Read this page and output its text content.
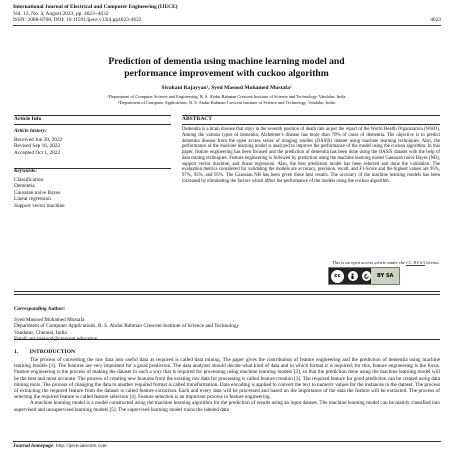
International Journal of Electrical and Computer Engineering (IJECE)
Vol. 13, No. 4, August 2023, pp. 4623~4632
ISSN: 2088-8708, DOI: 10.11591/ijece.v13i4.pp4623-4632	4623
Prediction of dementia using machine learning model and
performance improvement with cuckoo algorithm
Sivakani Rajayyan¹, Syed Masood Mohamed Mustafa²
¹Department of Computer Science and Engineering, B. S. Abdur Rahman Crescent Institute of Science and Technology, Vandalur, India
²Department of Computer Applications, B. S. Abdur Rahman Crescent Institute of Science and Technology, Vandalur, India
Article Info	ABSTRACT
Article history:
Received Jun 30, 2022
Revised Sep 16, 2022
Accepted Oct 1, 2022
Keywords:
Classification
Dementia
Gaussian naïve Bayes
Linear regression
Support vector machine
Dementia is a brain disease that stays in the seventh position of death rate as per the report of the World Health Organization (WHO). Among the various types of dementia, Alzheimer's disease has more than 70% of cases of dementia. The objective is to predict dementia disease from the open access series of imaging studies (OASIS) dataset using machine learning techniques. Also, the performance of the machine learning model is analyzed to improve the performance of the model using the cuckoo algorithm. In this paper, feature engineering has been focused and the prediction of dementia has been done using the OASIS dataset with the help of data mining techniques. Feature engineering is followed by prediction using the machine learning model Gaussian naïve Bayes (NB), support vector machine, and linear regression. Also, the best prediction model has been selected and done the validation. The evaluation metrics considered for validating the models are accuracy, precision, recall, and F1-Score and the highest values are 95%, 97%, 95%, and 95%. The Gaussian NB has been given these best results. The accuracy of the machine learning models has been increased by eliminating the factors which affect the performance of the models using the cuckoo algorithm.
This is an open access article under the CC BY-SA license.
cc	BY SA
Corresponding Author:
Syed Masood Mohamed Mustafa
Department of Computer Applications, B. S. Abdur Rahman Crescent Institute of Science and Technology
Vandalur, Chennai, India
Email: ms.masood@crescent.education
1.        INTRODUCTION

The process of converting the raw data into useful data as required is called data mining. The paper gives the contribution of feature engineering and the prediction of dementia using machine learning models [1]. The features are very important for a good prediction. The data analyzer should decide what kind of data and in which format it is required; for this, feature engineering is the focus. Feature engineering is the process of making the dataset in such a way that is required for processing using machine learning models [2], so that the prediction done using the machine learning model will be the best and most accurate. The process of creating new features from the existing raw data for processing is called feature creation [3]. The required feature for good prediction can be created using data mining tools. The process of changing the data to another required format is called transformation. Data encoding is applied to convert the text to numeric values for the instances in the dataset. The process of extracting the required feature from the dataset is called feature extraction. Each and every data will be processed and based on the importance of the data the feature will be extracted. The process of selecting the required feature is called feature selection [4]. Feature selection is an important process in feature engineering.

A machine learning model is a model constructed using the machine learning algorithm for the prediction of results using an input dataset. The machine learning model can be mainly classified into supervised and unsupervised learning models [5]. The supervised learning model trains the labeled data

Journal homepage: http://ijece.iaescore.com
